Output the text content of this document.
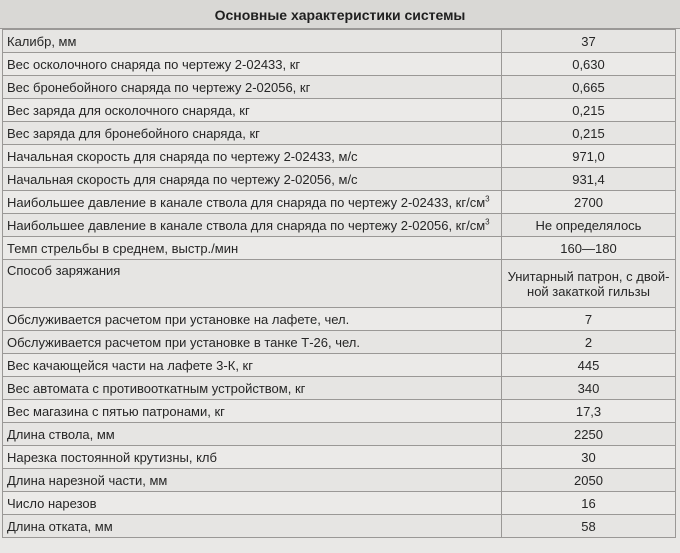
Основные характеристики системы
Калибр, мм	37
Вес осколочного снаряда по чертежу 2-02433, кг	0,630
Вес бронебойного снаряда по чертежу 2-02056, кг	0,665
Вес заряда для осколочного снаряда, кг	0,215
Вес заряда для бронебойного снаряда, кг	0,215
Начальная скорость для снаряда по чертежу 2-02433, м/с	971,0
Начальная скорость для снаряда по чертежу 2-02056, м/с	931,4
Наибольшее давление в канале ствола для снаряда по чертежу 2-02433, $кг/см^3$	2700
Наибольшее давление в канале ствола для снаряда по чертежу 2-02056, $кг/см^3$	Не определялось
Темп стрельбы в среднем, выстр./мин	160—180
Способ заряжания	Унитарный патрон, с двой-
ной закаткой гильзы
Обслуживается расчетом при установке на лафете, чел.	7
Обслуживается расчетом при установке в танке Т-26, чел.	2
Вес качающейся части на лафете 3-К, кг	445
Вес автомата с противооткатным устройством, кг	340
Вес магазина с пятью патронами, кг	17,3
Длина ствола, мм	2250
Нарезка постоянной крутизны, клб	30
Длина нарезной части, мм	2050
Число нарезов	16
Длина отката, мм	58
